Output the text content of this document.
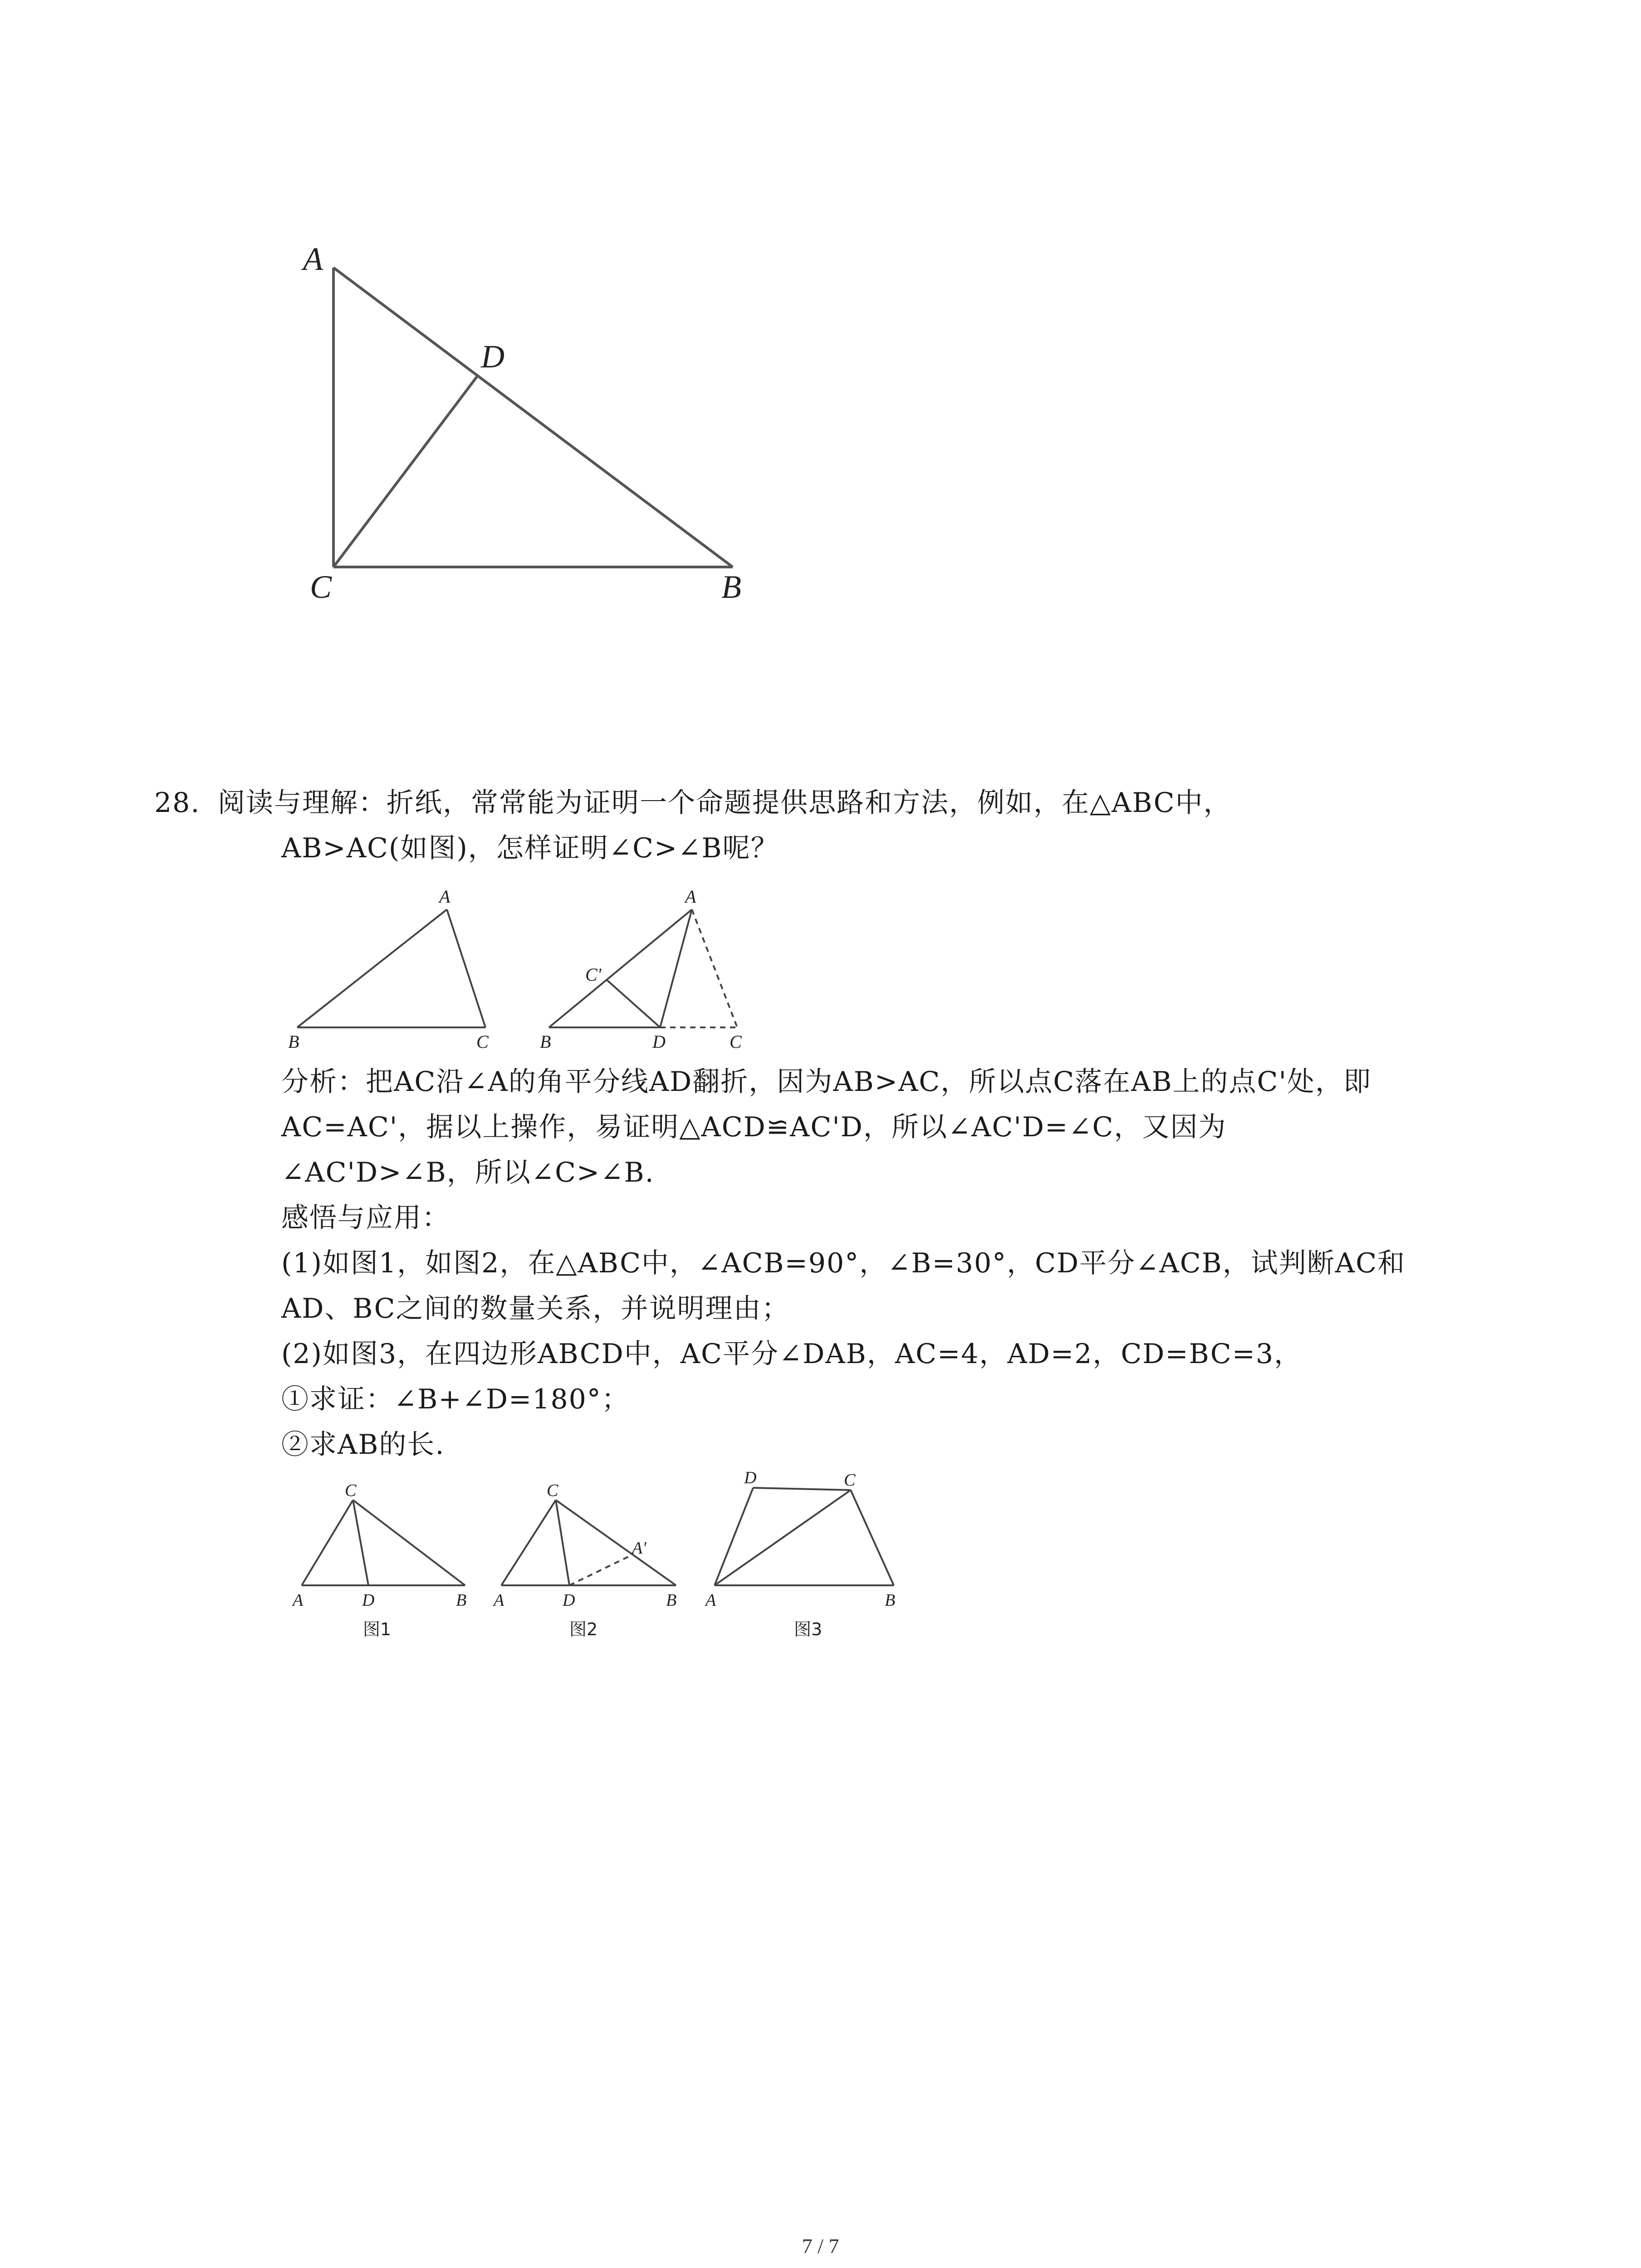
A
D
C	B

28. 阅读与理解：折纸，常常能为证明一个命题提供思路和方法，例如，在△ABC中，

AB>AC(如图)，怎样证明∠C>∠B呢？

A
B	C
A
C'
B	D	C

分析：把AC沿∠A的角平分线AD翻折，因为AB>AC，所以点C落在AB上的点C'处，即

AC=AC'，据以上操作，易证明△ACD≌AC'D，所以∠AC'D=∠C，又因为

∠AC'D>∠B，所以∠C>∠B.

感悟与应用：

(1)如图1，如图2，在△ABC中，∠ACB=90°，∠B=30°，CD平分∠ACB，试判断AC和

AD、BC之间的数量关系，并说明理由；

(2)如图3，在四边形ABCD中，AC平分∠DAB，AC=4，AD=2，CD=BC=3，

①求证：∠B+∠D=180°；

②求AB的长.

C
A	D	B
图1
C
A'
A	D	B
图2
D	C
A	B
图3
7 / 7
